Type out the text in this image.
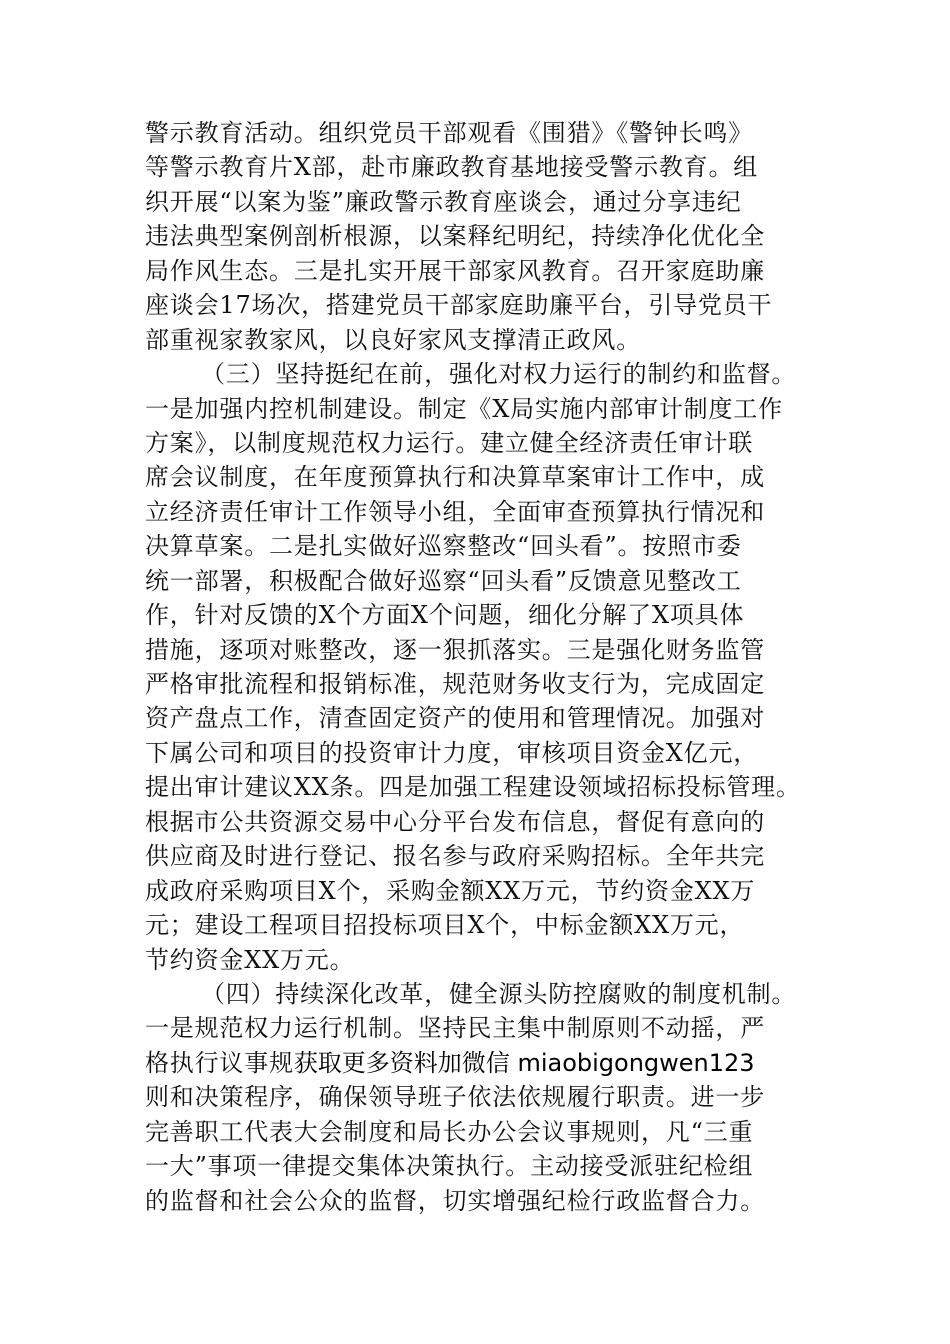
警示教育活动。组织党员干部观看《围猎》《警钟长鸣》
等警示教育片X部，赴市廉政教育基地接受警示教育。组
织开展“以案为鉴”廉政警示教育座谈会，通过分享违纪
违法典型案例剖析根源，以案释纪明纪，持续净化优化全
局作风生态。三是扎实开展干部家风教育。召开家庭助廉
座谈会17场次，搭建党员干部家庭助廉平台，引导党员干
部重视家教家风，以良好家风支撑清正政风。
（三）坚持挺纪在前，强化对权力运行的制约和监督。
一是加强内控机制建设。制定《X局实施内部审计制度工作
方案》，以制度规范权力运行。建立健全经济责任审计联
席会议制度，在年度预算执行和决算草案审计工作中，成
立经济责任审计工作领导小组，全面审查预算执行情况和
决算草案。二是扎实做好巡察整改“回头看”。按照市委
统一部署，积极配合做好巡察“回头看”反馈意见整改工
作，针对反馈的X个方面X个问题，细化分解了X项具体
措施，逐项对账整改，逐一狠抓落实。三是强化财务监管
严格审批流程和报销标准，规范财务收支行为，完成固定
资产盘点工作，清查固定资产的使用和管理情况。加强对
下属公司和项目的投资审计力度，审核项目资金X亿元，
提出审计建议XX条。四是加强工程建设领域招标投标管理。
根据市公共资源交易中心分平台发布信息，督促有意向的
供应商及时进行登记、报名参与政府采购招标。全年共完
成政府采购项目X个，采购金额XX万元，节约资金XX万
元；建设工程项目招投标项目X个，中标金额XX万元，
节约资金XX万元。
（四）持续深化改革，健全源头防控腐败的制度机制。
一是规范权力运行机制。坚持民主集中制原则不动摇，严
格执行议事规获取更多资料加微信 miaobigongwen123
则和决策程序，确保领导班子依法依规履行职责。进一步
完善职工代表大会制度和局长办公会议事规则，凡“三重
一大”事项一律提交集体决策执行。主动接受派驻纪检组
的监督和社会公众的监督，切实增强纪检行政监督合力。
